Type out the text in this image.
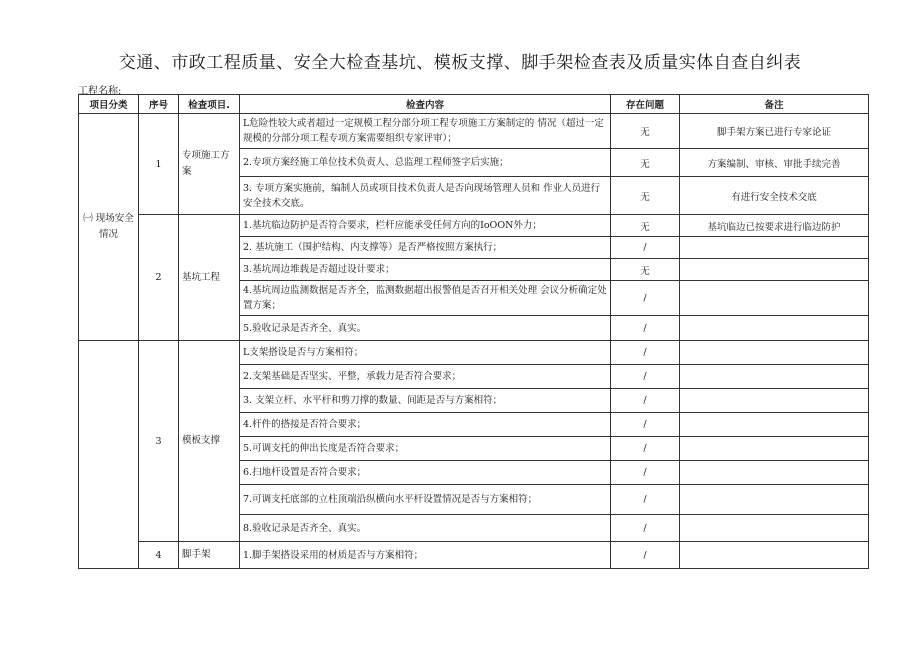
交通、市政工程质量、安全大检查基坑、模板支撑、脚手架检查表及质量实体自查自纠表
工程名称:
项目分类	序号	检查项目.	检查内容	存在问题	备注
㈠ 现场安全 情况	1	专项施工方案	L危险性较大或者超过一定规模工程分部分项工程专项施工方案制定的 情况（超过一定规模的分部分项工程专项方案需要组织专家评审）；	无	脚手架方案已进行专家论证
			2.专项方案经施工单位技术负责人、总监理工程师签字后实施；	无	方案编制、审核、审批手续完善
			3. 专项方案实施前，编制人员或项目技术负责人是否向现场管理人员和 作业人员进行安全技术交底。	无	有进行安全技术交底
	2	基坑工程	1.基坑临边防护是否符合要求，栏杆应能承受任何方向的IoOON外力；	无	基坑临边已按要求进行临边防护
			2. 基坑施工（围护结构、内支撑等）是否严格按照方案执行；	/	
			3.基坑周边堆载是否超过设计要求；	无	
			4.基坑周边监测数据是否齐全，监测数据超出报警值是否召开相关处理 会议分析确定处置方案；	/	
			5.验收记录是否齐全、真实。	/	
	3	模板支撑	L支架搭设是否与方案相符；	/	
			2.支架基础是否坚实、平整，承载力是否符合要求；	/	
			3. 支架立杆、水平杆和剪刀撑的数量、间距是否与方案相符；	/	
			4.杆件的搭接是否符合要求；	/	
			5.可调支托的伸出长度是否符合要求；	/	
			6.扫地杆设置是否符合要求；	/	
			7.可调支托底部的立柱顶端沿纵横向水平杆设置情况是否与方案相符；	/	
			8.验收记录是否齐全、真实。	/	
	4	脚手架	1.脚手架搭设采用的材质是否与方案相符；	/	
